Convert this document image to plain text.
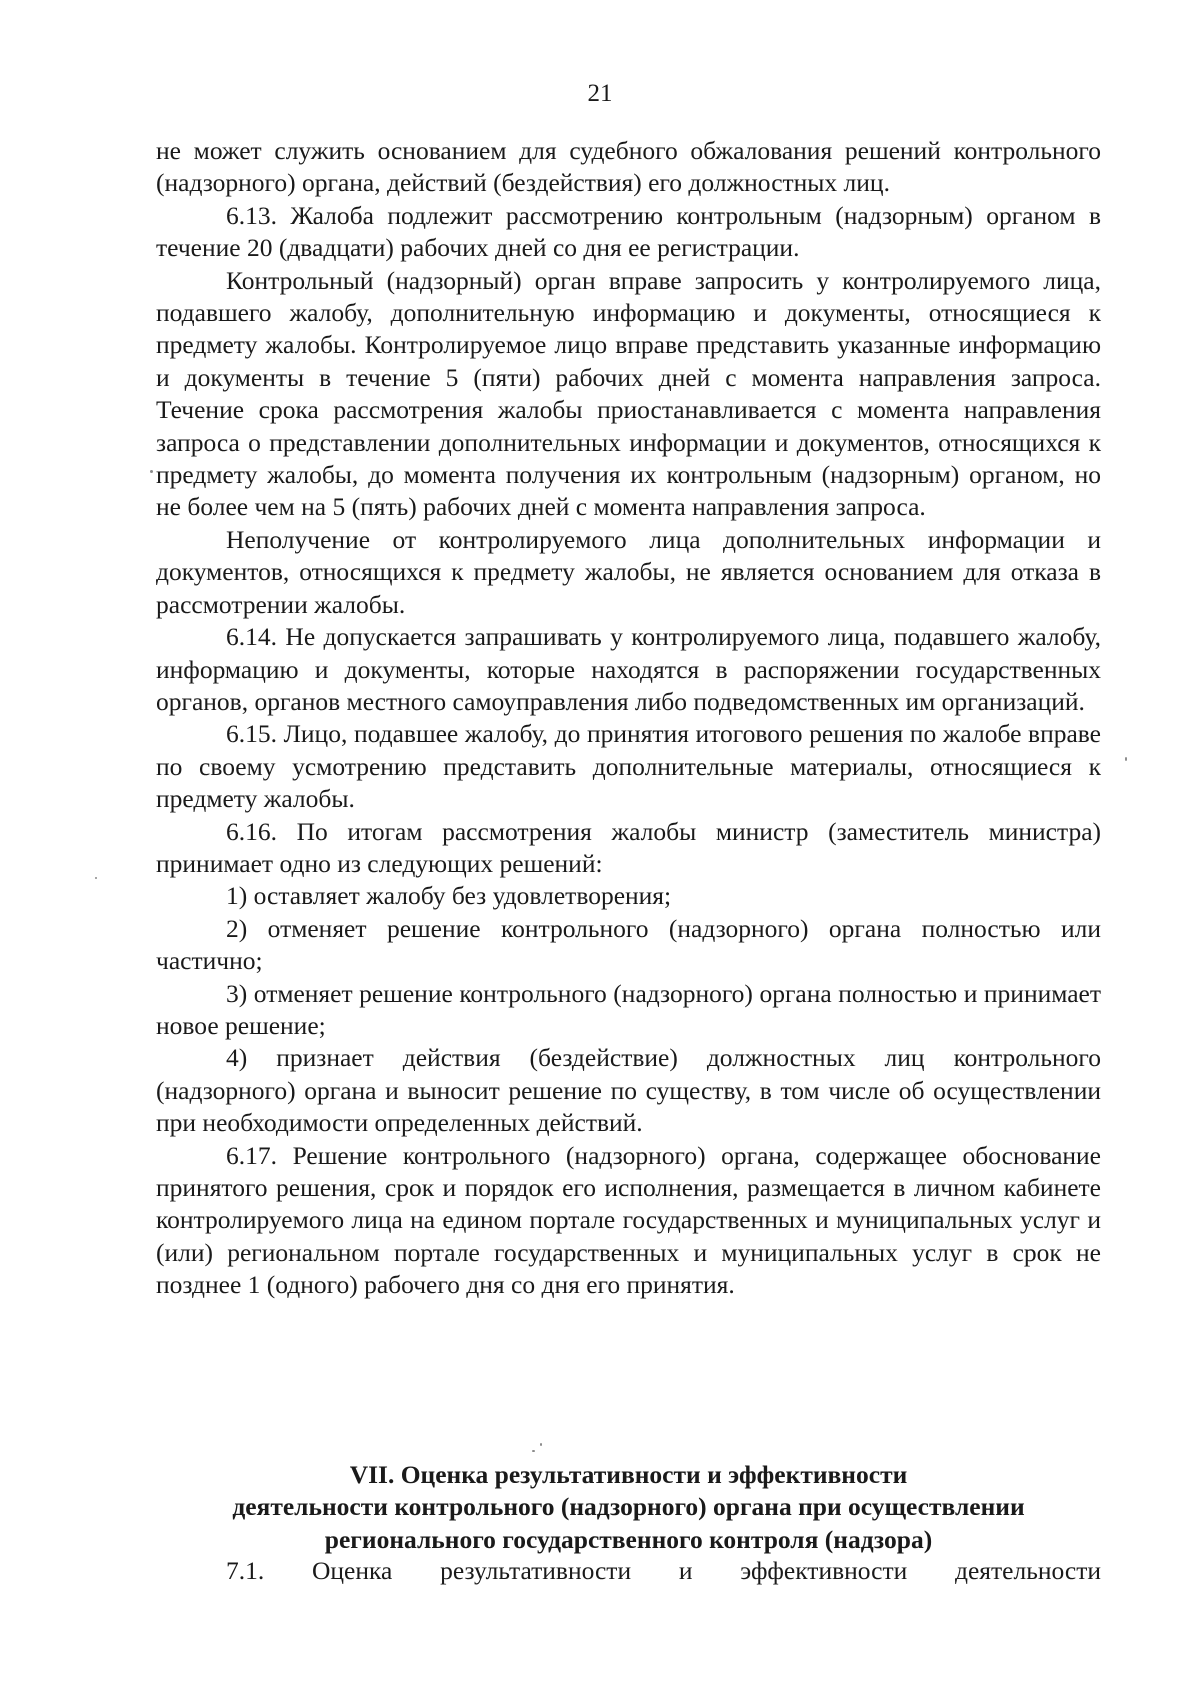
21

не может служить основанием для судебного обжалования решений контрольного (надзорного) органа, действий (бездействия) его должностных лиц.

6.13. Жалоба подлежит рассмотрению контрольным (надзорным) органом в течение 20 (двадцати) рабочих дней со дня ее регистрации.

Контрольный (надзорный) орган вправе запросить у контролируемого лица, подавшего жалобу, дополнительную информацию и документы, относящиеся к предмету жалобы. Контролируемое лицо вправе представить указанные информацию и документы в течение 5 (пяти) рабочих дней с момента направления запроса. Течение срока рассмотрения жалобы приостанавливается с момента направления запроса о представлении дополнительных информации и документов, относящихся к предмету жалобы, до момента получения их контрольным (надзорным) органом, но не более чем на 5 (пять) рабочих дней с момента направления запроса.

Неполучение от контролируемого лица дополнительных информации и документов, относящихся к предмету жалобы, не является основанием для отказа в рассмотрении жалобы.

6.14. Не допускается запрашивать у контролируемого лица, подавшего жалобу, информацию и документы, которые находятся в распоряжении государственных органов, органов местного самоуправления либо подведомственных им организаций.

6.15. Лицо, подавшее жалобу, до принятия итогового решения по жалобе вправе по своему усмотрению представить дополнительные материалы, относящиеся к предмету жалобы.

6.16. По итогам рассмотрения жалобы министр (заместитель министра) принимает одно из следующих решений:

1) оставляет жалобу без удовлетворения;

2) отменяет решение контрольного (надзорного) органа полностью или частично;

3) отменяет решение контрольного (надзорного) органа полностью и принимает новое решение;

4) признает действия (бездействие) должностных лиц контрольного (надзорного) органа и выносит решение по существу, в том числе об осуществлении при необходимости определенных действий.

6.17. Решение контрольного (надзорного) органа, содержащее обоснование принятого решения, срок и порядок его исполнения, размещается в личном кабинете контролируемого лица на едином портале государственных и муниципальных услуг и (или) региональном портале государственных и муниципальных услуг в срок не позднее 1 (одного) рабочего дня со дня его принятия.

VII. Оценка результативности и эффективности
деятельности контрольного (надзорного) органа при осуществлении
регионального государственного контроля (надзора)

7.1. Оценка результативности и эффективности деятельности
